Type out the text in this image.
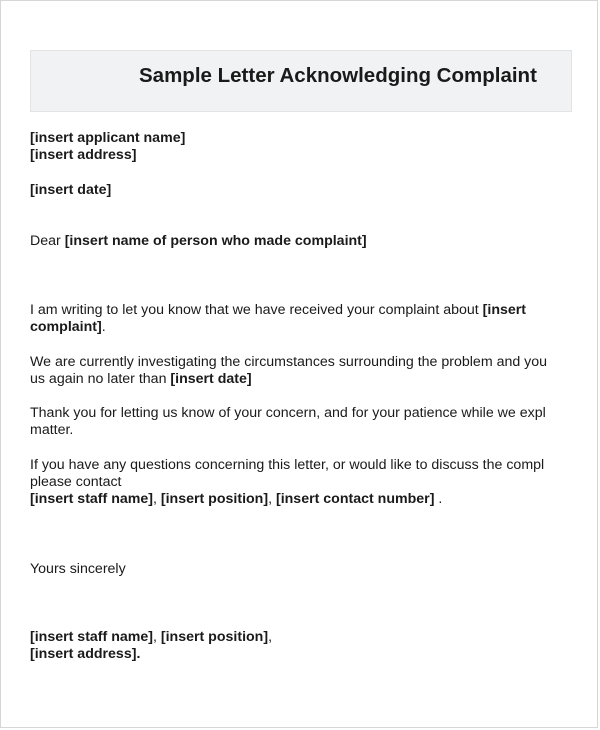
Sample Letter Acknowledging Complaint
[insert applicant name]
[insert address]
[insert date]
Dear [insert name of person who made complaint]
I am writing to let you know that we have received your complaint about [insert
complaint].
We are currently investigating the circumstances surrounding the problem and you
us again no later than [insert date]
Thank you for letting us know of your concern, and for your patience while we expl
matter.
If you have any questions concerning this letter, or would like to discuss the compl
please contact
[insert staff name], [insert position], [insert contact number] .
Yours sincerely
[insert staff name], [insert position],
[insert address].
